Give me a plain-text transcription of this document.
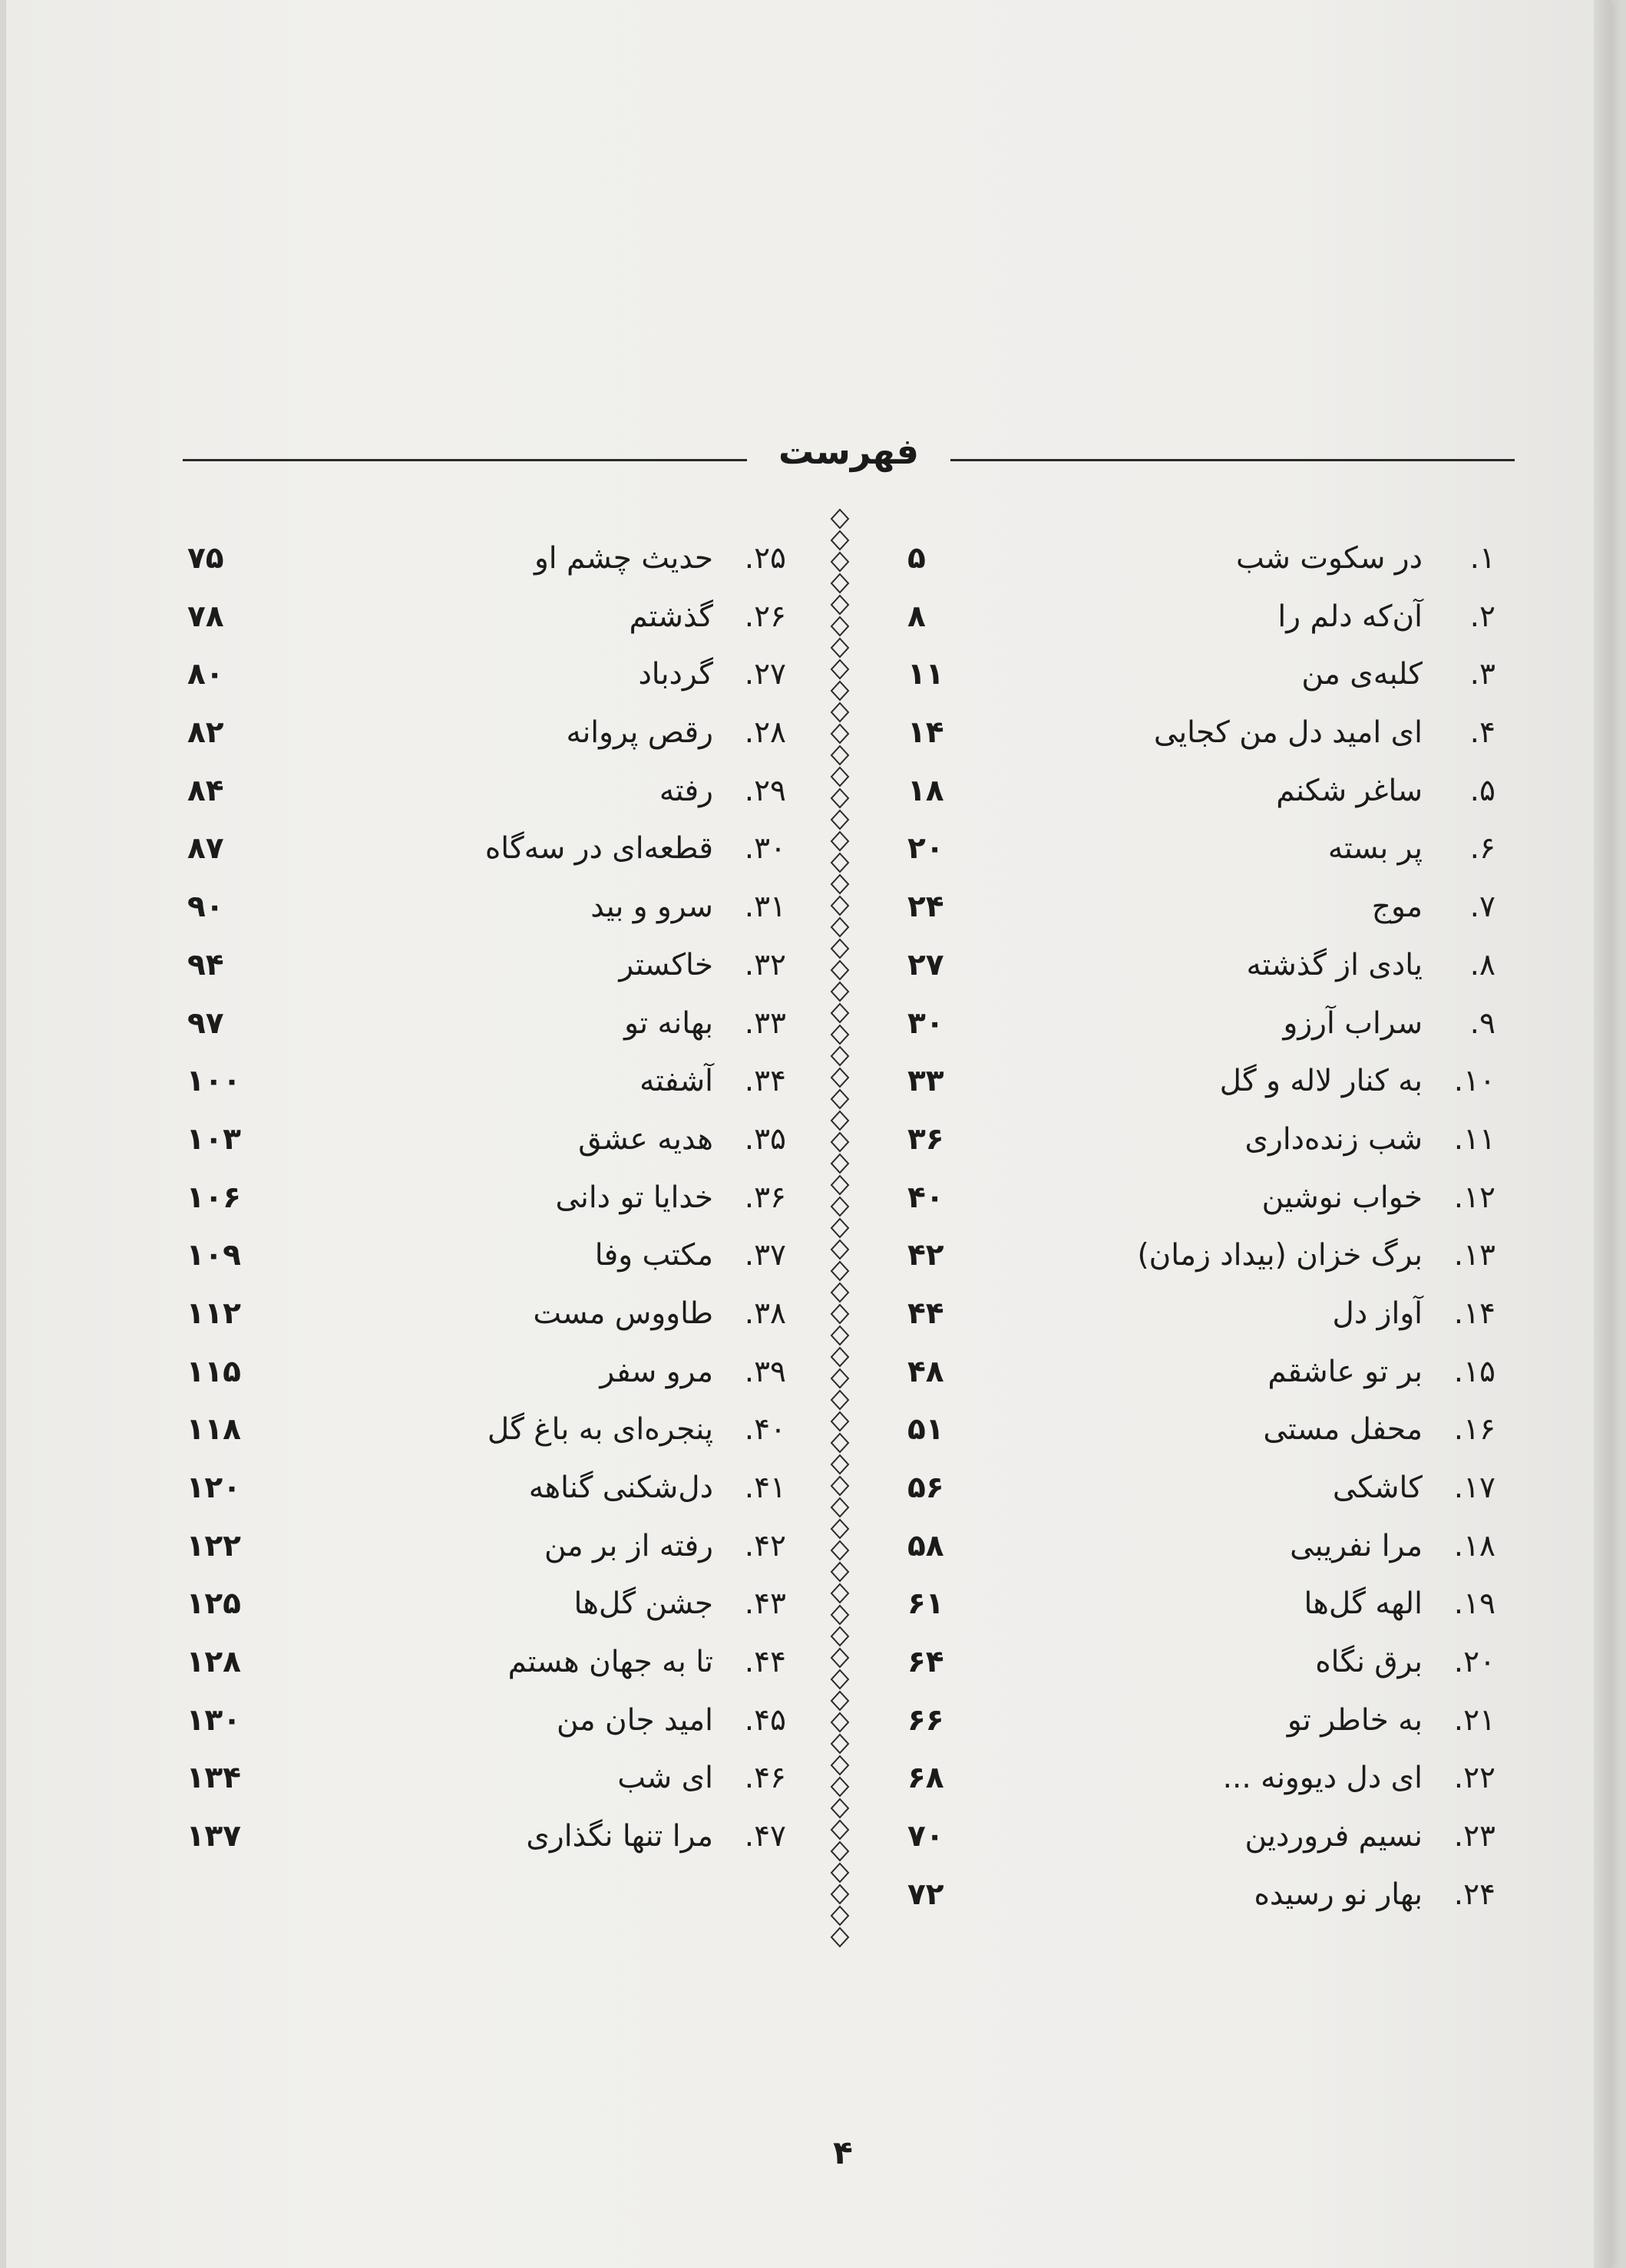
فهرست
۱.
در سکوت شب
۵
۲.
آن‌که دلم را
۸
۳.
کلبه‌ی من
۱۱
۴.
ای امید دل من کجایی
۱۴
۵.
ساغر شکنم
۱۸
۶.
پر بسته
۲۰
۷.
موج
۲۴
۸.
یادی از گذشته
۲۷
۹.
سراب آرزو
۳۰
۱۰.
به کنار لاله و گل
۳۳
۱۱.
شب زنده‌داری
۳۶
۱۲.
خواب نوشین
۴۰
۱۳.
برگ خزان (بیداد زمان)
۴۲
۱۴.
آواز دل
۴۴
۱۵.
بر تو عاشقم
۴۸
۱۶.
محفل مستی
۵۱
۱۷.
کاشکی
۵۶
۱۸.
مرا نفریبی
۵۸
۱۹.
الهه گل‌ها
۶۱
۲۰.
برق نگاه
۶۴
۲۱.
به خاطر تو
۶۶
۲۲.
ای دل دیوونه ...
۶۸
۲۳.
نسیم فروردین
۷۰
۲۴.
بهار نو رسیده
۷۲
۲۵.
حدیث چشم او
۷۵
۲۶.
گذشتم
۷۸
۲۷.
گردباد
۸۰
۲۸.
رقص پروانه
۸۲
۲۹.
رفته
۸۴
۳۰.
قطعه‌ای در سه‌گاه
۸۷
۳۱.
سرو و بید
۹۰
۳۲.
خاکستر
۹۴
۳۳.
بهانه تو
۹۷
۳۴.
آشفته
۱۰۰
۳۵.
هدیه عشق
۱۰۳
۳۶.
خدایا تو دانی
۱۰۶
۳۷.
مکتب وفا
۱۰۹
۳۸.
طاووس مست
۱۱۲
۳۹.
مرو سفر
۱۱۵
۴۰.
پنجره‌ای به باغ گل
۱۱۸
۴۱.
دل‌شکنی گناهه
۱۲۰
۴۲.
رفته از بر من
۱۲۲
۴۳.
جشن گل‌ها
۱۲۵
۴۴.
تا به جهان هستم
۱۲۸
۴۵.
امید جان من
۱۳۰
۴۶.
ای شب
۱۳۴
۴۷.
مرا تنها نگذاری
۱۳۷
۴
